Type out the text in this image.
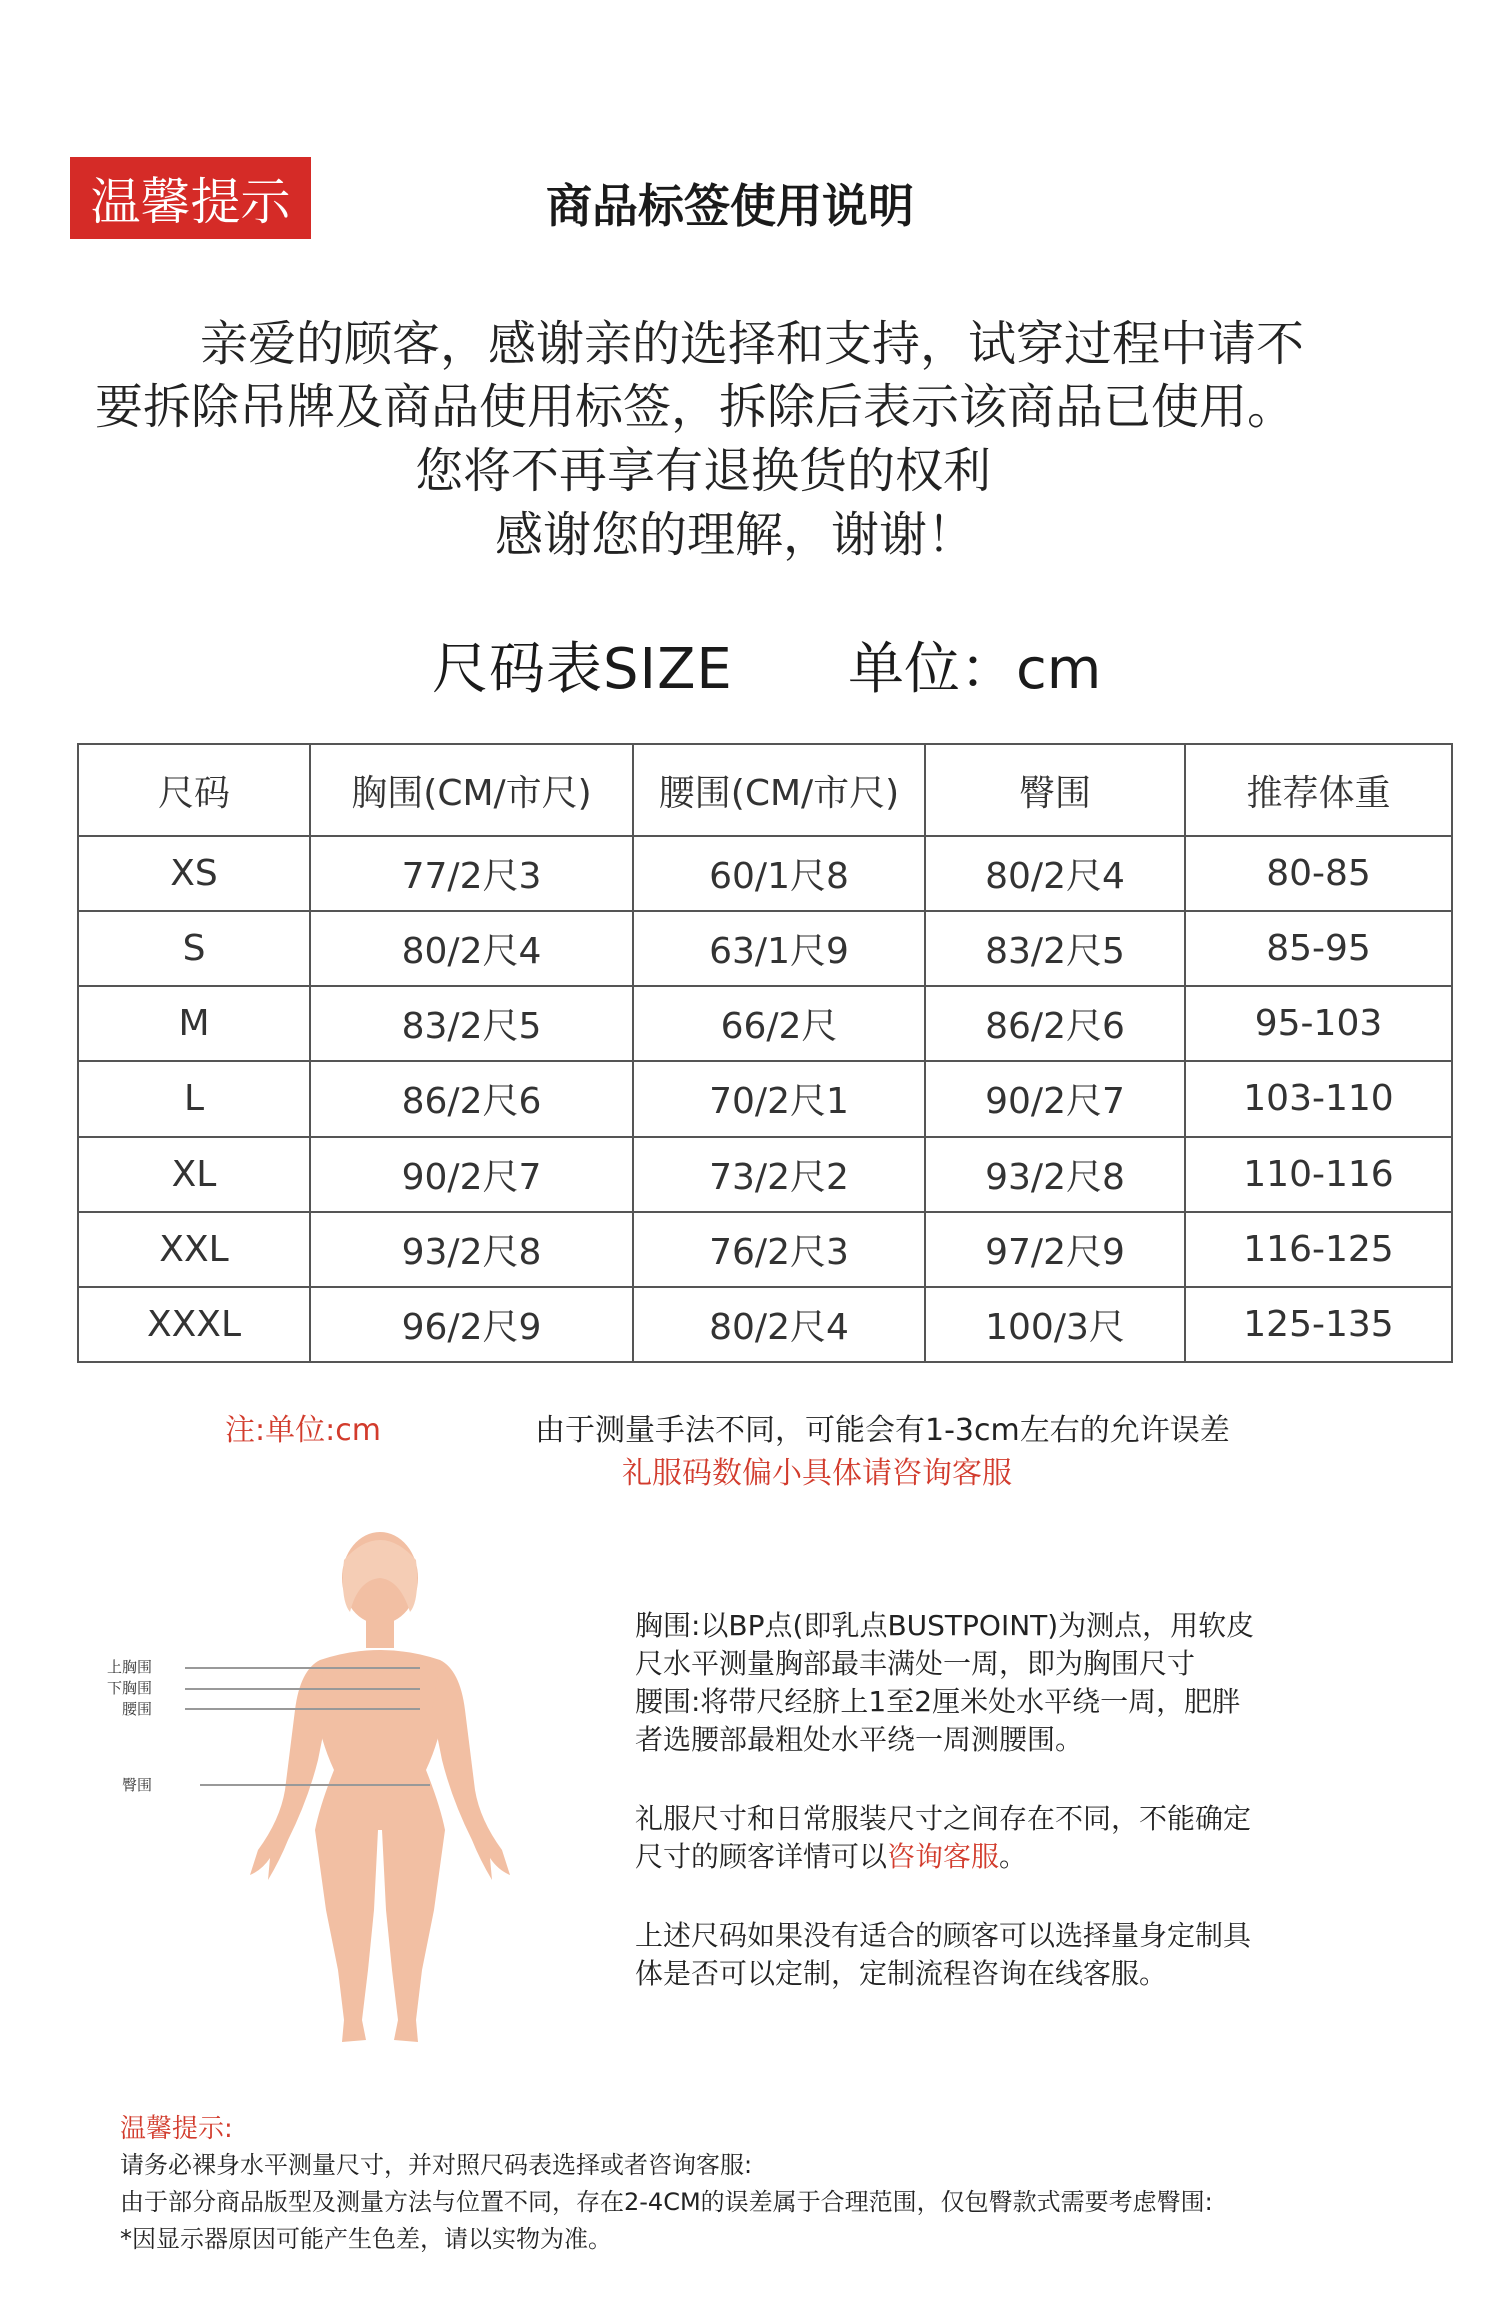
温馨提示	商品标签使用说明
亲爱的顾客，感谢亲的选择和支持，试穿过程中请不
要拆除吊牌及商品使用标签，拆除后表示该商品已使用。
您将不再享有退换货的权利
感谢您的理解，谢谢！
尺码表SIZE 单位：cm
尺码	胸围(CM/市尺)	腰围(CM/市尺)	臀围	推荐体重
XS	77/2尺3	60/1尺8	80/2尺4	80-85
S	80/2尺4	63/1尺9	83/2尺5	85-95
M	83/2尺5	66/2尺	86/2尺6	95-103
L	86/2尺6	70/2尺1	90/2尺7	103-110
XL	90/2尺7	73/2尺2	93/2尺8	110-116
XXL	93/2尺8	76/2尺3	97/2尺9	116-125
XXXL	96/2尺9	80/2尺4	100/3尺	125-135
注:单位:cm	由于测量手法不同，可能会有1-3cm左右的允许误差
礼服码数偏小具体请咨询客服
上胸围
下胸围
腰围
臀围
胸围:以BP点(即乳点BUSTPOINT)为测点，用软皮
尺水平测量胸部最丰满处一周，即为胸围尺寸
腰围:将带尺经脐上1至2厘米处水平绕一周，肥胖
者选腰部最粗处水平绕一周测腰围。
礼服尺寸和日常服装尺寸之间存在不同，不能确定
尺寸的顾客详情可以咨询客服。
上述尺码如果没有适合的顾客可以选择量身定制具
体是否可以定制，定制流程咨询在线客服。
温馨提示:
请务必裸身水平测量尺寸，并对照尺码表选择或者咨询客服:
由于部分商品版型及测量方法与位置不同，存在2-4CM的误差属于合理范围，仅包臀款式需要考虑臀围:
*因显示器原因可能产生色差，请以实物为准。
